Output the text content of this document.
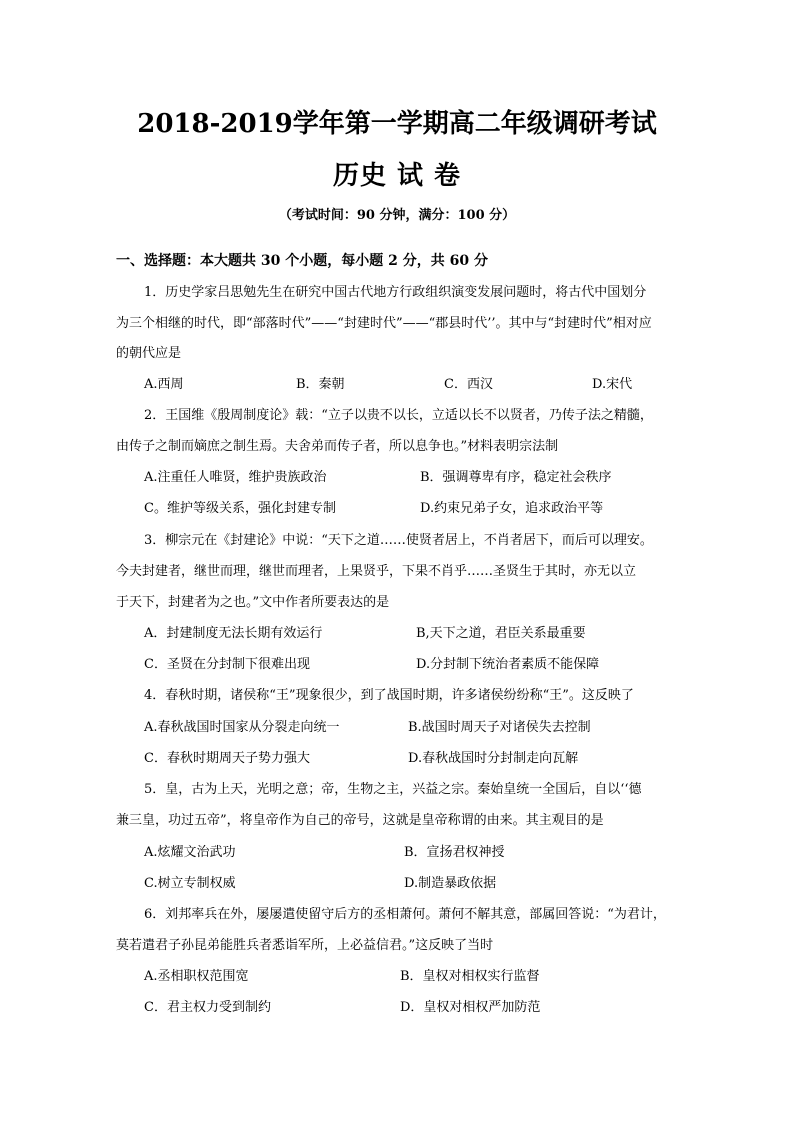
2018-2019学年第一学期高二年级调研考试
历史 试 卷
（考试时间：90 分钟，满分：100 分）
一、选择题：本大题共 30 个小题，每小题 2 分，共 60 分
1．历史学家吕思勉先生在研究中国古代地方行政组织演变发展问题时，将古代中国划分
为三个相继的时代，即“部落时代”——“封建时代”——“郡县时代’’。其中与“封建时代”相对应
的朝代应是
A.西周	B．秦朝	C．西汉	D.宋代
2．王国维《殷周制度论》载：“立子以贵不以长，立适以长不以贤者，乃传子法之精髓，
由传子之制而嫡庶之制生焉。夫舍弟而传子者，所以息争也。”材料表明宗法制
A.注重任人唯贤，维护贵族政治	B．强调尊卑有序，稳定社会秩序
C。维护等级关系，强化封建专制	D.约束兄弟子女，追求政治平等
3．柳宗元在《封建论》中说：“天下之道……使贤者居上，不肖者居下，而后可以理安。
今夫封建者，继世而理，继世而理者，上果贤乎，下果不肖乎……圣贤生于其时，亦无以立
于天下，封建者为之也。”文中作者所要表达的是
A．封建制度无法长期有效运行	B,天下之道，君臣关系最重要
C．圣贤在分封制下很难出现	D.分封制下统治者素质不能保障
4．春秋时期，诸侯称“王”现象很少，到了战国时期，许多诸侯纷纷称“王”。这反映了
A.春秋战国时国家从分裂走向统一	B.战国时周天子对诸侯失去控制
C．春秋时期周天子势力强大	D.春秋战国时分封制走向瓦解
5．皇，古为上天，光明之意；帝，生物之主，兴益之宗。秦始皇统一全国后，自以‘‘德
兼三皇，功过五帝”，将皇帝作为自己的帝号，这就是皇帝称谓的由来。其主观目的是
A.炫耀文治武功	B．宣扬君权神授
C.树立专制权威	D.制造暴政依据
6．刘邦率兵在外，屡屡遣使留守后方的丞相萧何。萧何不解其意，部属回答说：“为君计，
莫若遣君子孙昆弟能胜兵者悉诣军所，上必益信君。”这反映了当时
A.丞相职权范围宽	B．皇权对相权实行监督
C．君主权力受到制约	D．皇权对相权严加防范
